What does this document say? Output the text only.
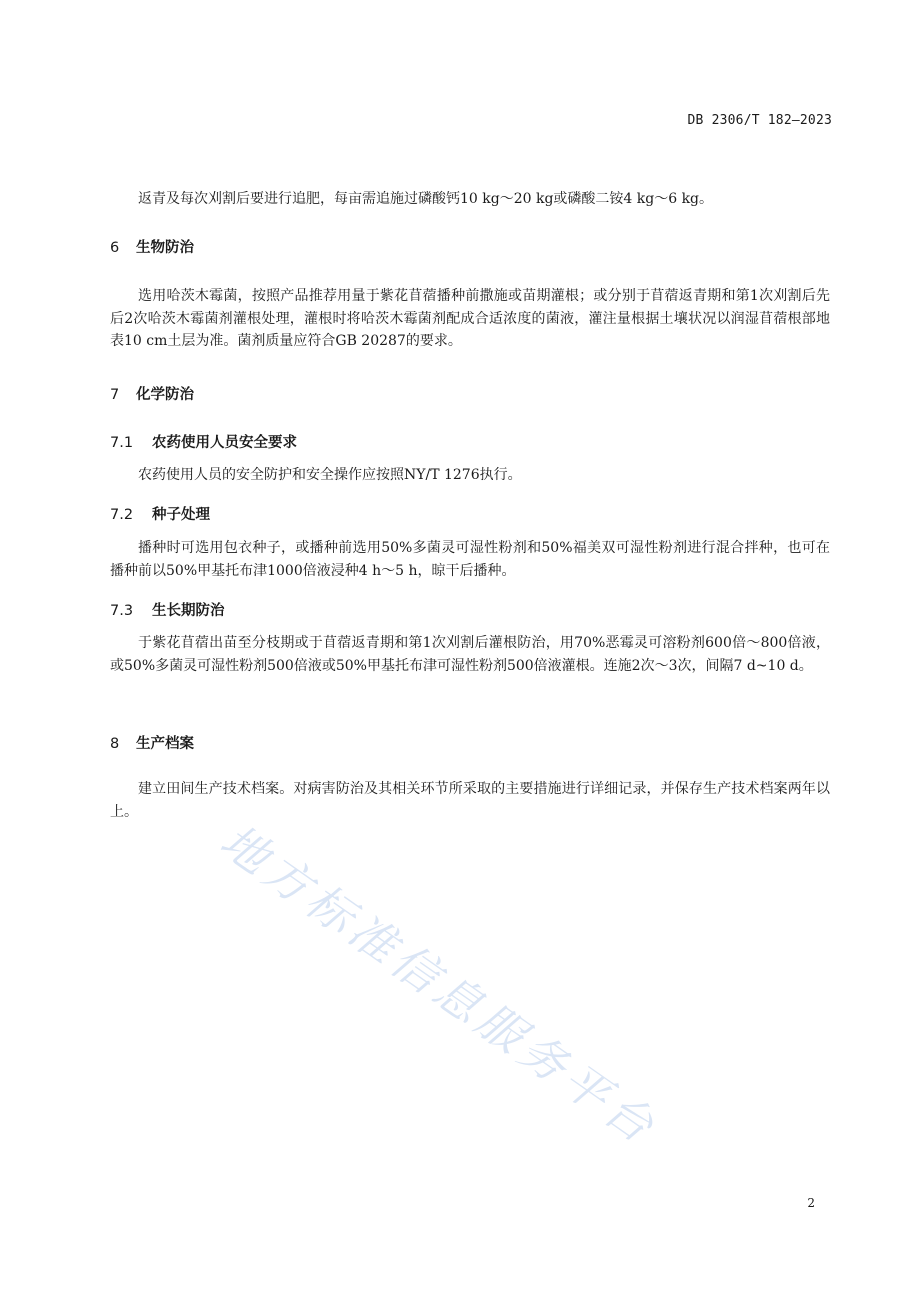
DB 2306/T 182—2023

返青及每次刈割后要进行追肥，每亩需追施过磷酸钙10 kg～20 kg或磷酸二铵4 kg～6 kg。

6 生物防治

选用哈茨木霉菌，按照产品推荐用量于紫花苜蓿播种前撒施或苗期灌根；或分别于苜蓿返青期和第1次刈割后先后2次哈茨木霉菌剂灌根处理，灌根时将哈茨木霉菌剂配成合适浓度的菌液，灌注量根据土壤状况以润湿苜蓿根部地表10 cm土层为准。菌剂质量应符合GB 20287的要求。

7 化学防治
7.1 农药使用人员安全要求

农药使用人员的安全防护和安全操作应按照NY/T 1276执行。

7.2 种子处理

播种时可选用包衣种子，或播种前选用50%多菌灵可湿性粉剂和50%福美双可湿性粉剂进行混合拌种，也可在播种前以50%甲基托布津1000倍液浸种4 h～5 h，晾干后播种。

7.3 生长期防治

于紫花苜蓿出苗至分枝期或于苜蓿返青期和第1次刈割后灌根防治，用70%恶霉灵可溶粉剂600倍～800倍液，或50%多菌灵可湿性粉剂500倍液或50%甲基托布津可湿性粉剂500倍液灌根。连施2次～3次，间隔7 d~10 d。

8 生产档案

建立田间生产技术档案。对病害防治及其相关环节所采取的主要措施进行详细记录，并保存生产技术档案两年以上。

地方标准信息服务平台
2
